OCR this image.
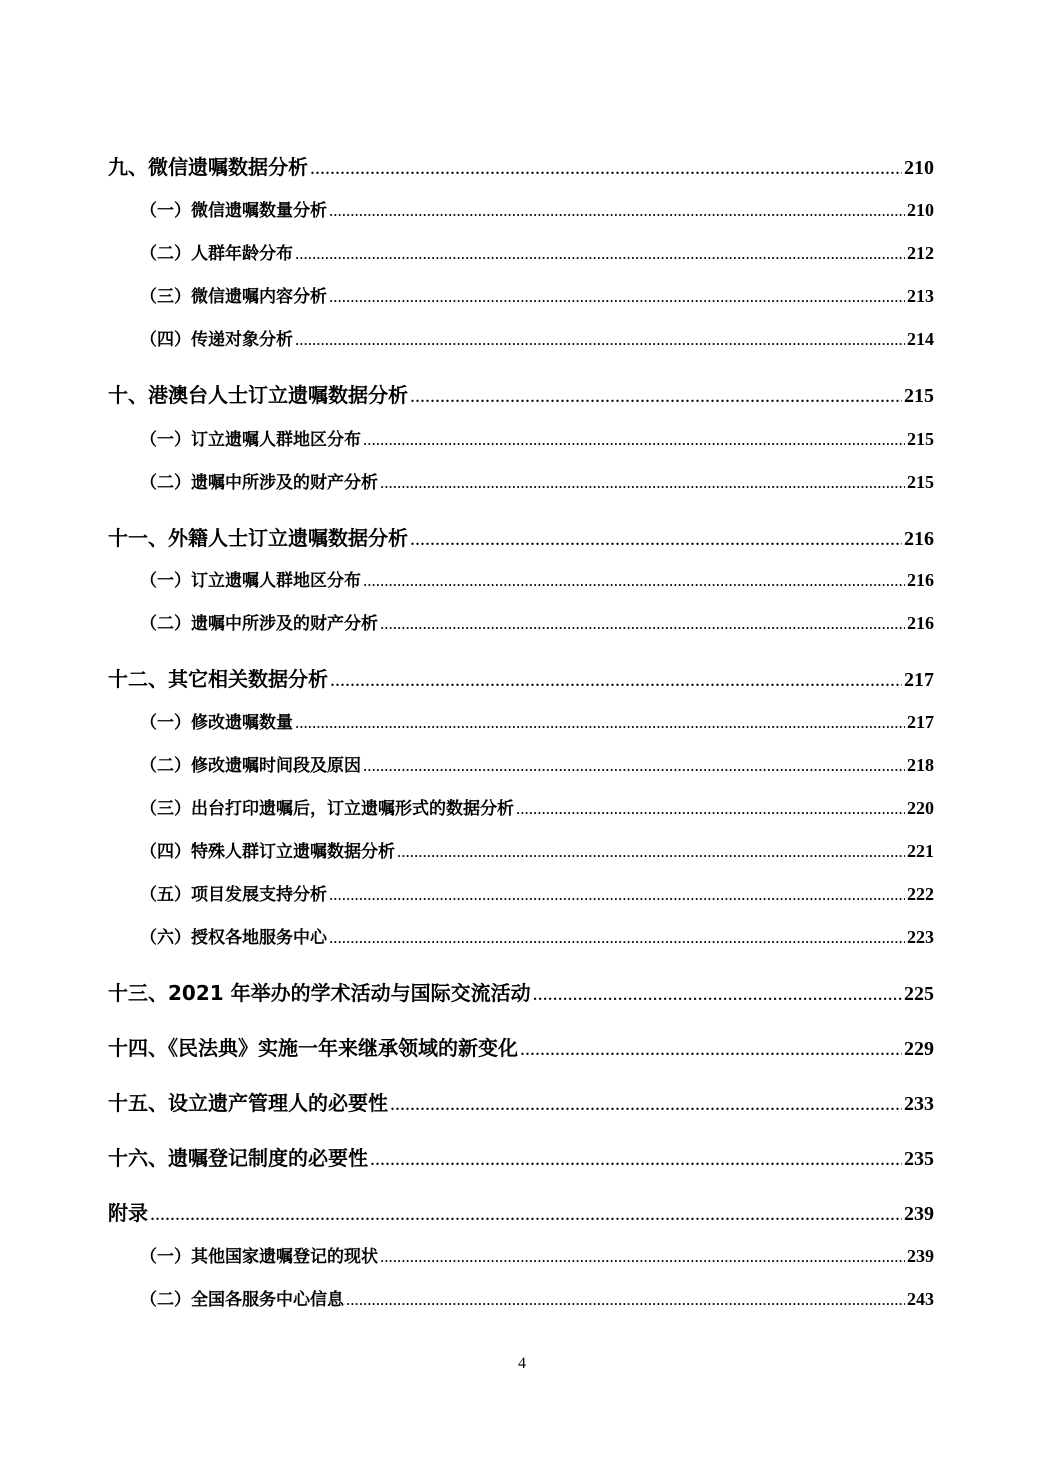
九、微信遗嘱数据分析 .....	210
（一）微信遗嘱数量分析 .....	210
（二）人群年龄分布 .....	212
（三）微信遗嘱内容分析 .....	213
（四）传递对象分析 .....	214
十、港澳台人士订立遗嘱数据分析 .....	215
（一）订立遗嘱人群地区分布 .....	215
（二）遗嘱中所涉及的财产分析 .....	215
十一、外籍人士订立遗嘱数据分析 .....	216
（一）订立遗嘱人群地区分布 .....	216
（二）遗嘱中所涉及的财产分析 .....	216
十二、其它相关数据分析 .....	217
（一）修改遗嘱数量 .....	217
（二）修改遗嘱时间段及原因 .....	218
（三）出台打印遗嘱后，订立遗嘱形式的数据分析 .....	220
（四）特殊人群订立遗嘱数据分析 .....	221
（五）项目发展支持分析 .....	222
（六）授权各地服务中心 .....	223
十三、2021 年举办的学术活动与国际交流活动 .....	225
十四、《民法典》实施一年来继承领域的新变化 .....	229
十五、设立遗产管理人的必要性 .....	233
十六、遗嘱登记制度的必要性 .....	235
附录 .....	239
（一）其他国家遗嘱登记的现状 .....	239
（二）全国各服务中心信息 .....	243
4
